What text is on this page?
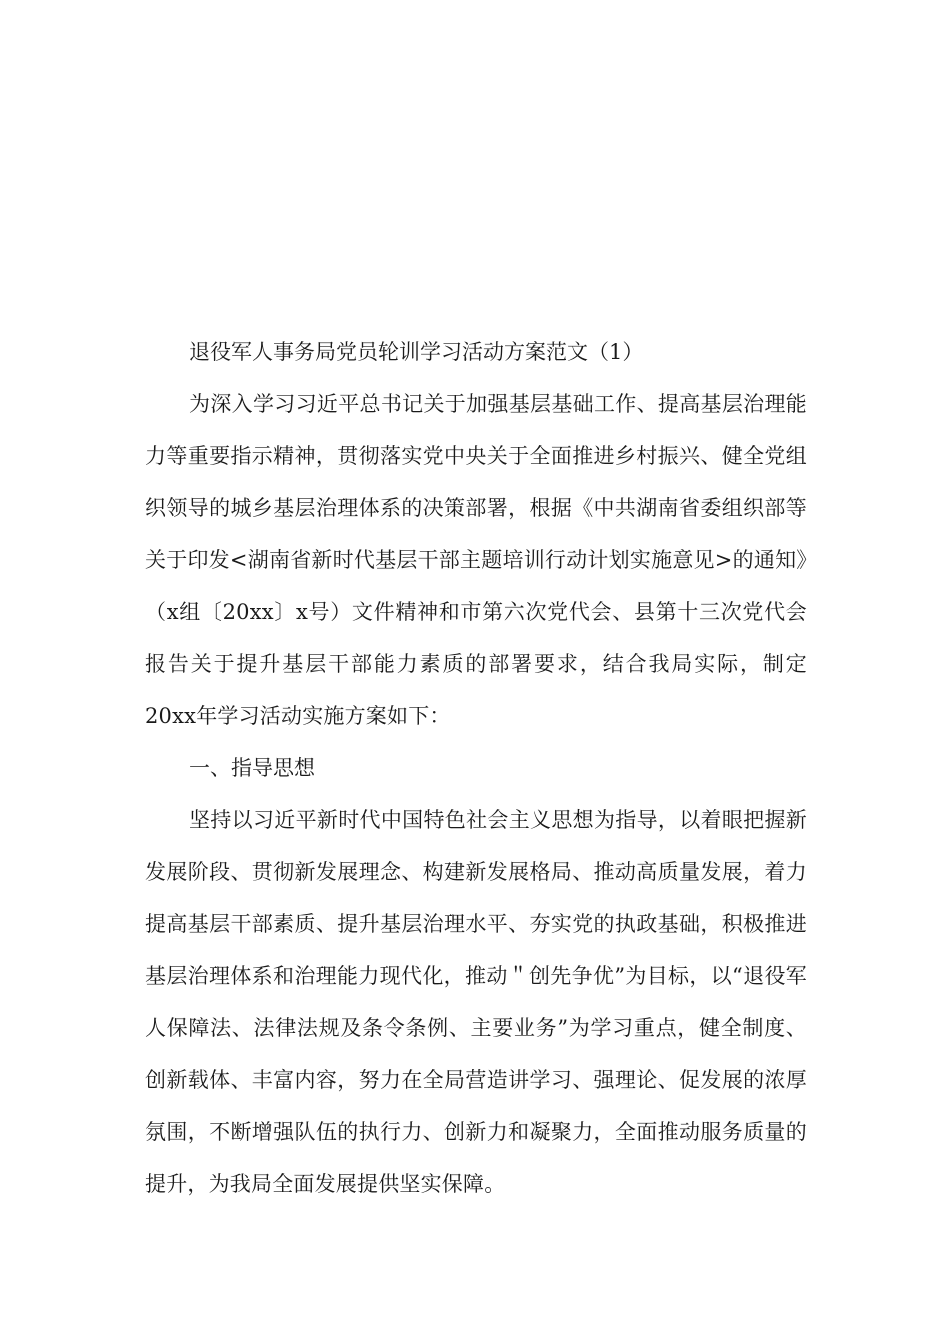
退役军人事务局党员轮训学习活动方案范文（1）

为深入学习习近平总书记关于加强基层基础工作、提高基层治理能力等重要指示精神，贯彻落实党中央关于全面推进乡村振兴、健全党组织领导的城乡基层治理体系的决策部署，根据《中共湖南省委组织部等关于印发<湖南省新时代基层干部主题培训行动计划实施意见>的通知》（x组〔20xx〕x号）文件精神和市第六次党代会、县第十三次党代会报告关于提升基层干部能力素质的部署要求，结合我局实际，制定20xx年学习活动实施方案如下：

一、指导思想

坚持以习近平新时代中国特色社会主义思想为指导，以着眼把握新发展阶段、贯彻新发展理念、构建新发展格局、推动高质量发展，着力提高基层干部素质、提升基层治理水平、夯实党的执政基础，积极推进基层治理体系和治理能力现代化，推动＂创先争优”为目标，以“退役军人保障法、法律法规及条令条例、主要业务”为学习重点，健全制度、创新载体、丰富内容，努力在全局营造讲学习、强理论、促发展的浓厚氛围，不断增强队伍的执行力、创新力和凝聚力，全面推动服务质量的提升，为我局全面发展提供坚实保障。
